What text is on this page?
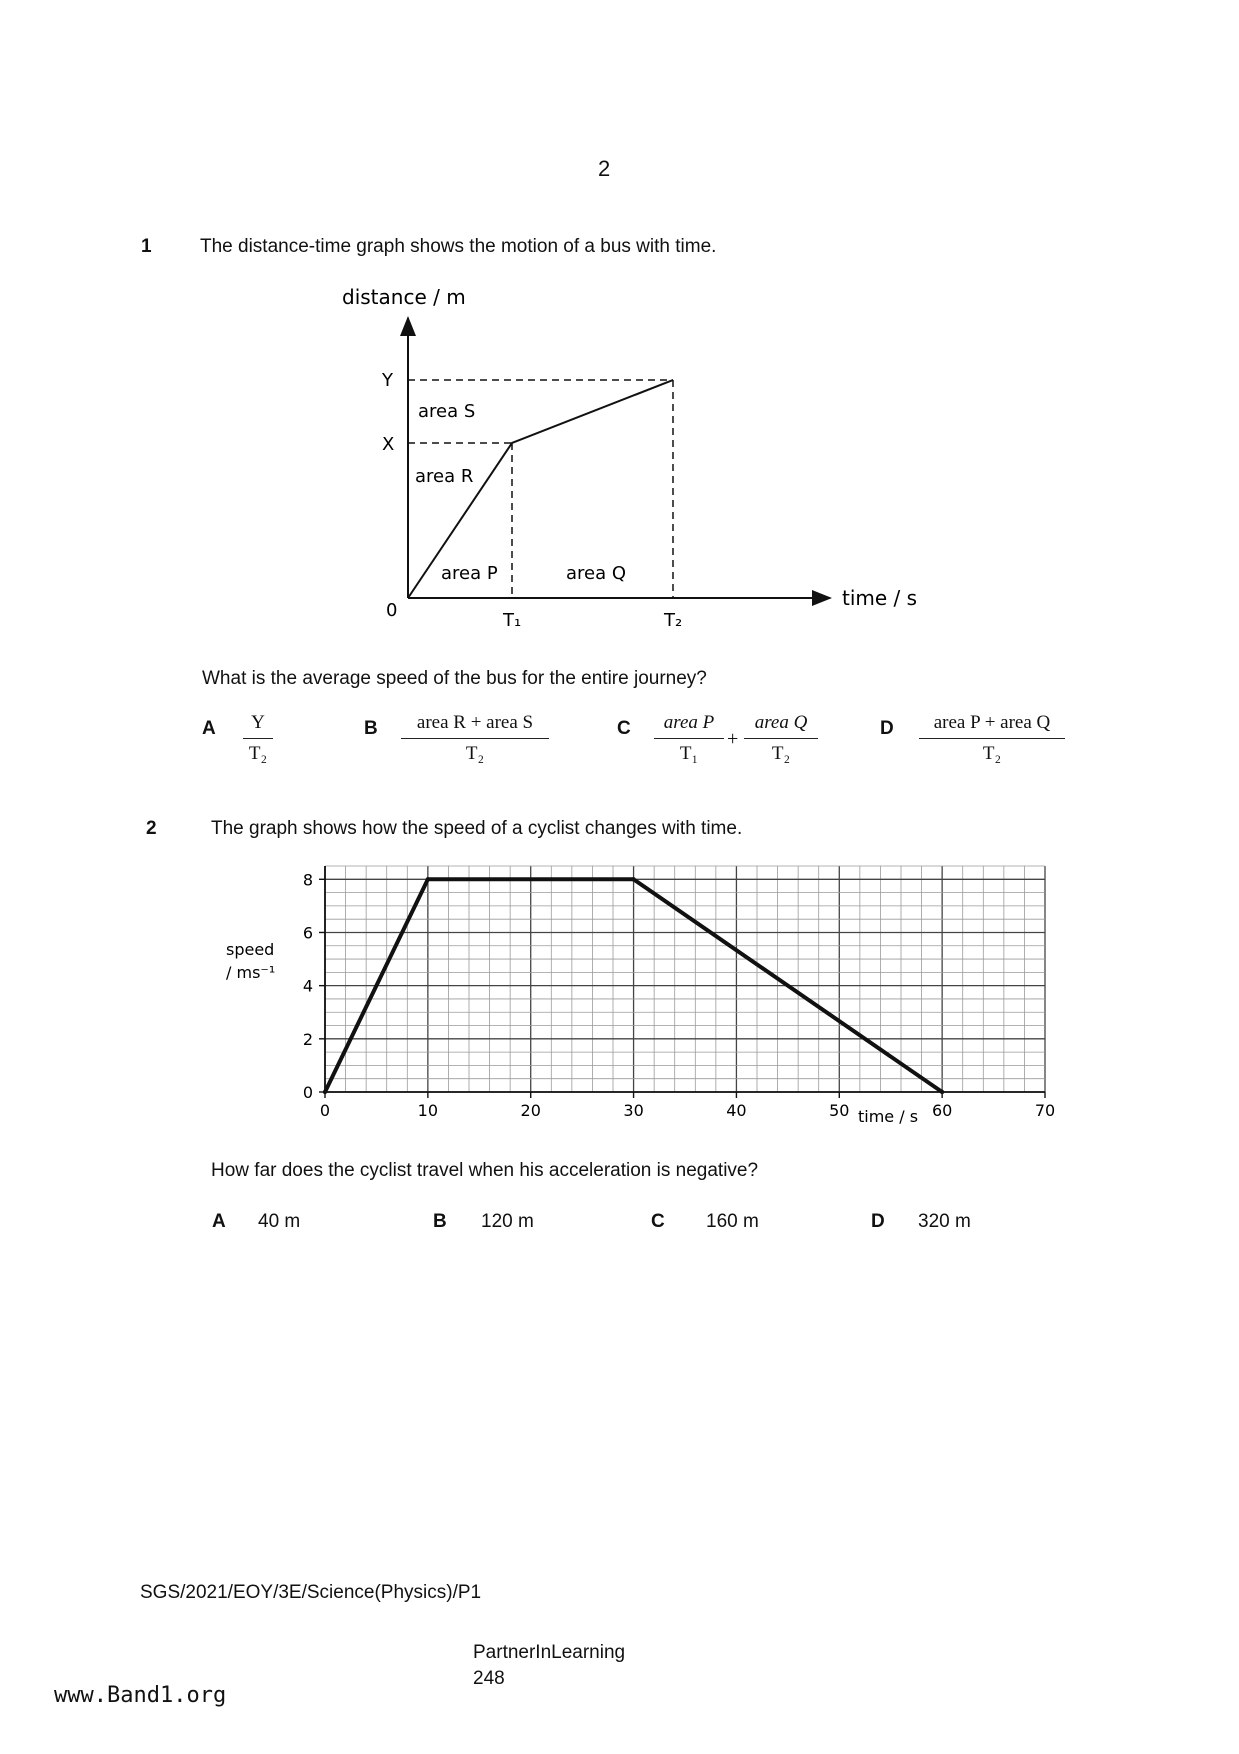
2
1	The distance-time graph shows the motion of a bus with time.
distance / m
time / s
0
Y
X
area S
area R
area P	area Q
T₁	T₂
What is the average speed of the bus for the entire journey?
A	Y
T₂
B	area R + area S
T₂
C	area P
T₁
+
area Q
T₂
D	area P + area Q
T₂
2	The graph shows how the speed of a cyclist changes with time.
0	10	20	30	40	50	60	70
0
2
4
6
8
speed
/ ms⁻¹
time / s
How far does the cyclist travel when his acceleration is negative?
A 40 m	B 120 m	C 160 m	D 320 m
SGS/2021/EOY/3E/Science(Physics)/P1
PartnerInLearning
248
www.Band1.org
